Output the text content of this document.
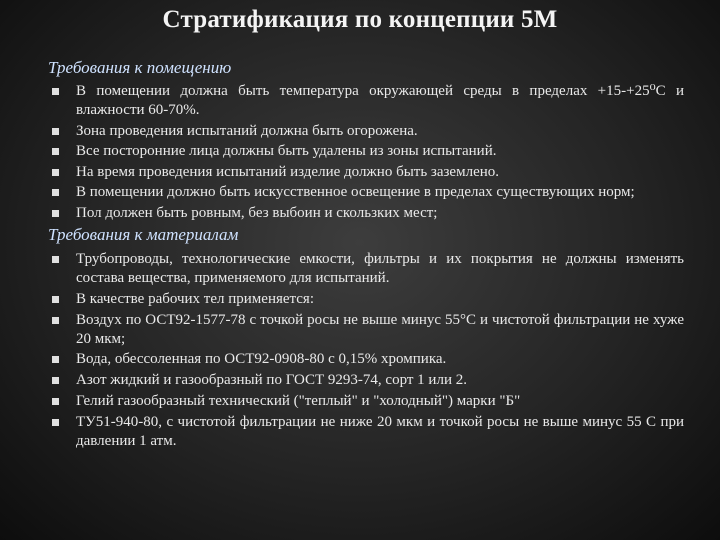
Стратификация по концепции 5М
Требования к помещению
В помещении должна быть температура окружающей среды в пределах +15-+25⁰С и влажности 60-70%.
Зона проведения испытаний должна быть огорожена.
Все посторонние лица должны быть удалены из зоны испытаний.
На время проведения испытаний изделие должно быть заземлено.
В помещении должно быть искусственное освещение в пределах существующих норм;
Пол должен быть ровным, без выбоин и скользких мест;
Требования к материалам
Трубопроводы, технологические емкости, фильтры и их покрытия не должны изменять состава вещества, применяемого для испытаний.
В качестве рабочих тел применяется:
Воздух по ОСТ92-1577-78 с точкой росы не выше минус 55°С и чистотой фильтрации не хуже 20 мкм;
Вода, обессоленная по ОСТ92-0908-80 с 0,15% хромпика.
Азот жидкий и газообразный по ГОСТ 9293-74, сорт 1 или 2.
Гелий газообразный технический ("теплый" и "холодный") марки "Б"
ТУ51-940-80, с чистотой фильтрации не ниже 20 мкм и точкой росы не выше минус 55 С при давлении 1 атм.
